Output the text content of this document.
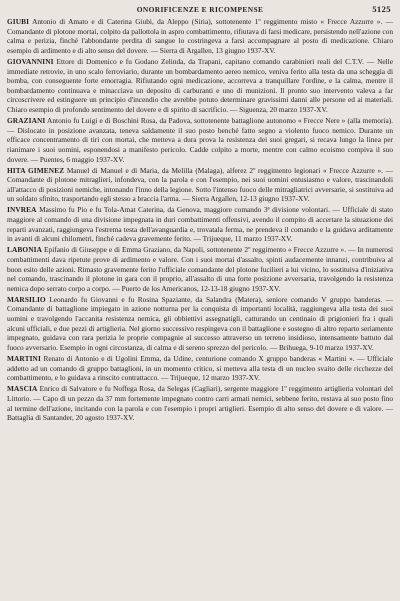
ONORIFICENZE E RICOMPENSE	5125

GIUBI Antonio di Amato e di Caterina Giubi, da Aleppo (Siria), sottotenente 1º reggimento misto « Frecce Azzurre ». — Comandante di plotone mortai, colpito da pallottola in aspro combattimento, rifiutava di farsi medicare, persistendo nell'azione con calma e perizia, finché l'abbondante perdita di sangue lo costringeva a farsi accompagnare al posto di medicazione. Chiaro esempio di ardimento e di alto senso del dovere. — Sierra di Argallen, 13 giugno 1937-XV.

GIOVANNINI Ettore di Domenico e fu Godano Zelinda, da Trapani, capitano comando carabinieri reali del C.T.V. — Nelle immediate retrovie, in uno scalo ferroviario, durante un bombardamento aereo nemico, veniva ferito alla testa da una scheggia di bomba, con conseguente forte emorragia. Rifiutando ogni medicazione, accorreva a tranquillare l'ordine, e la calma, mentre il bombardamento continuava e minacciava un deposito di carburanti e uno di munizioni. Il pronto suo intervento valeva a far circoscrivere ed estinguere un principio d'incendio che avrebbe potuto determinare gravissimi danni alle persone ed ai materiali. Chiaro esempio di profondo sentimento del dovere e di spirito di sacrificio. — Siguenza, 20 marzo 1937-XV.

GRAZIANI Antonio fu Luigi e di Boschini Rosa, da Padova, sottotenente battaglione autonomo « Frecce Nere » (alla memoria). — Dislocato in posizione avanzata, teneva saldamente il suo posto benché fatto segno a violento fuoco nemico. Durante un efficace concentramento di tiri con mortai, che metteva a dura prova la resistenza dei suoi gregari, si recava lungo la linea per rianimare i suoi uomini, esponendosi a manifesto pericolo. Cadde colpito a morte, mentre con calmo ecoismo compiva il suo dovere. — Puentes, 6 maggio 1937-XV.

HITA GIMENEZ Manuel di Manuel e di Maria, da Melilla (Malaga), alferez 2º reggimento legionari « Frecce Azzurre ». — Comandante di plotone mitraglieri, infondeva, con la parola e con l'esempio, nei suoi uomini entusiasmo e valore, trascinandoli all'attacco di posizioni nemiche, intonando l'inno della legione. Sotto l'intenso fuoco delle mitragliatrici avversarie, si sostituiva ad un soldato sfinito, trasportando egli stesso a braccia l'arma. — Sierra Argallen, 12-13 giugno 1937-XV.

INVREA Massimo fu Pio e fu Tola-Amat Caterina, da Genova, maggiore comando 3ª divisione volontari. — Ufficiale di stato maggiore al comando di una divisione impegnata in duri combattimenti offensivi, avendo il compito di accertare la situazione dei reparti avanzati, raggiungeva l'estrema testa dell'avanguardia e, trovatala ferma, ne prendeva il comando e la guidava arditamente in avanti di alcuni chilometri, finché cadeva gravemente ferito. — Trijueque, 11 marzo 1937-XV.

LABONIA Epifanio di Giuseppe e di Emma Graziano, da Napoli, sottotenente 2º reggimento « Frecce Azzurre ». — In numerosi combattimenti dava ripetute prove di ardimento e valore. Con i suoi mortai d'assalto, spinti audacemente innanzi, contribuiva al buon esito delle azioni. Rimasto gravemente ferito l'ufficiale comandante del plotone fucilieri a lui vicino, lo sostituiva d'iniziativa nel comando, trascinando il plotone in gara con il proprio, all'assalto di una forte posizione avversaria, travolgendo la resistenza nemica dopo serrato corpo a corpo. — Puerto de los Americanos, 12-13-18 giugno 1937-XV.

MARSILIO Leonardo fu Giovanni e fu Rosina Spaziante, da Salandra (Matera), seniore comando V gruppo banderas. — Comandante di battaglione impiegato in azione notturna per la conquista di importanti località, raggiungeva alla testa dei suoi uomini e travolgendo l'accanita resistenza nemica, gli obbiettivi assegnatigli, catturando un centinaio di prigionieri fra i quali alcuni ufficiali, e due pezzi di artiglieria. Nel giorno successivo respingeva con il battaglione e sostegno di altro reparto seriamente impegnato, guidava con rara perizia le proprie compagnie al successo attraverso un terreno insidioso, intensamente battuto dal fuoco avversario. Esempio in ogni circostanza, di calma e di sereno sprezzo del pericolo. — Brihuega, 9-10 marzo 1937-XV.

MARTINI Renato di Antonio e di Ugolini Emma, da Udine, centurione comando X gruppo banderas « Martini ». — Ufficiale addetto ad un comando di gruppo battaglioni, in un momento critico, si metteva alla testa di un nucleo svaito delle ricchezze del combattimento, e lo guidava a rinscito contrattacco. — Trijueque, 12 marzo 1937-XV.

MASCIA Enrico di Salvatore e fu Noffega Rosa, da Selegas (Cagliari), sergente maggiore 1º reggimento artiglieria volontari del Littorio. — Capo di un pezzo da 37 mm fortemente impegnato contro carri armati nemici, sebbene ferito, restava al suo posto fino al termine dell'azione, incitando con la parola e con l'esempio i propri artiglieri. Esempio di alto senso del dovere e di valore. — Battaglia di Santander, 20 agosto 1937-XV.
